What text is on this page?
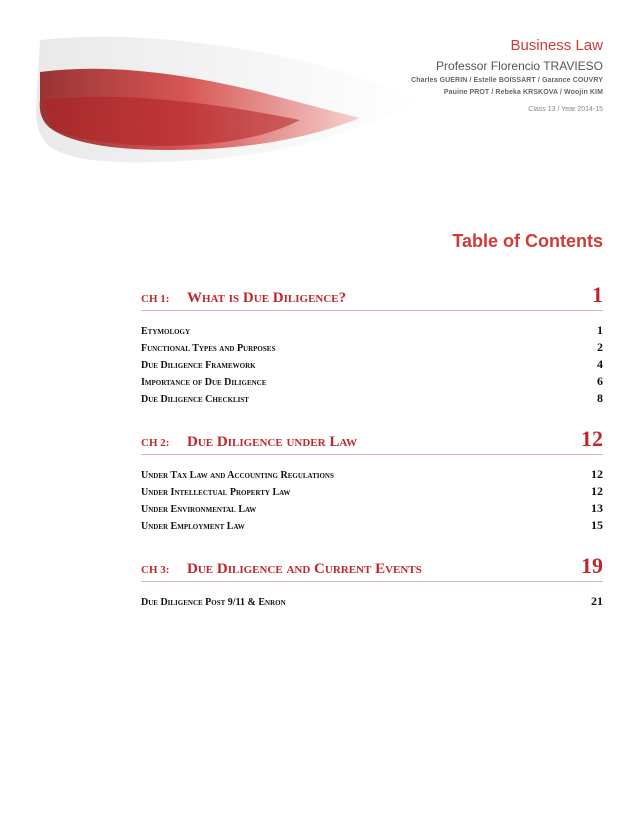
Business Law
Professor Florencio TRAVIESO
Charles GUERIN / Estelle BOISSART / Garance COUVRY
Pauine PROT / Rebeka KRSKOVA / Woojin KIM
Class 13 / Year 2014-15
Table of Contents
CH 1:	What is Due Diligence?	1
Etymology	1
Functional Types and Purposes	2
Due Diligence Framework	4
Importance of Due Diligence	6
Due Diligence Checklist	8
CH 2:	Due Diligence under Law	12
Under Tax Law and Accounting Regulations	12
Under Intellectual Property Law	12
Under Environmental Law	13
Under Employment Law	15
CH 3:	Due Diligence and Current Events	19
Due Diligence Post 9/11 & Enron	21
